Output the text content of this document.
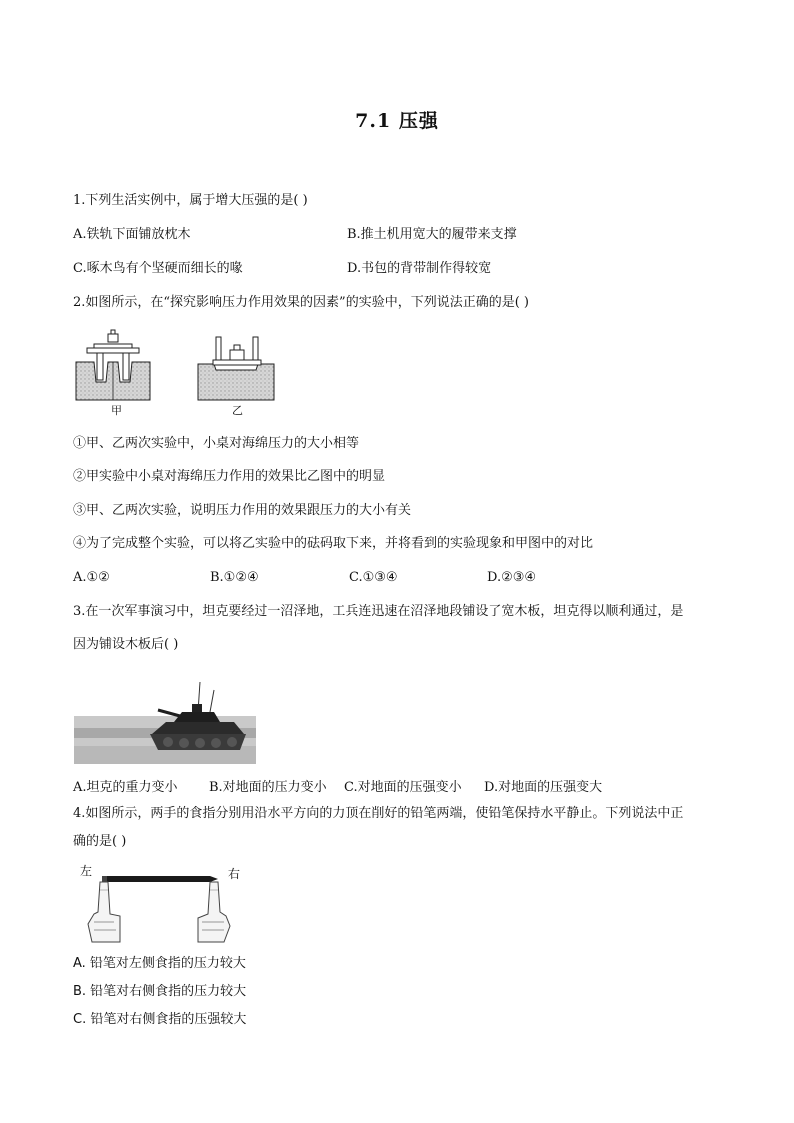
7.1 压强
1.下列生活实例中，属于增大压强的是( )
A.铁轨下面铺放枕木	B.推土机用宽大的履带来支撑
C.啄木鸟有个坚硬而细长的喙	D.书包的背带制作得较宽
2.如图所示，在“探究影响压力作用效果的因素”的实验中，下列说法正确的是( )
甲	乙
①甲、乙两次实验中，小桌对海绵压力的大小相等
②甲实验中小桌对海绵压力作用的效果比乙图中的明显
③甲、乙两次实验，说明压力作用的效果跟压力的大小有关
④为了完成整个实验，可以将乙实验中的砝码取下来，并将看到的实验现象和甲图中的对比
A.①②	B.①②④	C.①③④	D.②③④
3.在一次军事演习中，坦克要经过一沼泽地，工兵连迅速在沼泽地段铺设了宽木板，坦克得以顺利通过，是
因为铺设木板后( )
A.坦克的重力变小 B.对地面的压力变小 C.对地面的压强变小 D.对地面的压强变大
4.如图所示，两手的食指分别用沿水平方向的力顶在削好的铅笔两端，使铅笔保持水平静止。下列说法中正
确的是( )
左	右
A. 铅笔对左侧食指的压力较大
B. 铅笔对右侧食指的压力较大
C. 铅笔对右侧食指的压强较大
